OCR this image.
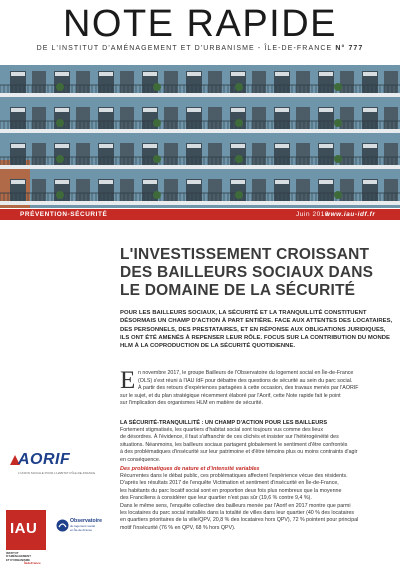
NOTE RAPIDE
DE L'INSTITUT D'AMÉNAGEMENT ET D'URBANISME - ÎLE-DE-FRANCE N° 777
PRÉVENTION-SÉCURITÉ	Juin 2018
www.iau-idf.fr
L'INVESTISSEMENT CROISSANT
DES BAILLEURS SOCIAUX DANS
LE DOMAINE DE LA SÉCURITÉ

POUR LES BAILLEURS SOCIAUX, LA SÉCURITÉ ET LA TRANQUILLITÉ CONSTITUENT
DÉSORMAIS UN CHAMP D'ACTION À PART ENTIÈRE. FACE AUX ATTENTES DES LOCATAIRES,
DES PERSONNELS, DES PRESTATAIRES, ET EN RÉPONSE AUX OBLIGATIONS JURIDIQUES,
ILS ONT ÉTÉ AMENÉS À REPENSER LEUR RÔLE. FOCUS SUR LA CONTRIBUTION DU MONDE
HLM À LA COPRODUCTION DE LA SÉCURITÉ QUOTIDIENNE.

E n novembre 2017, le groupe Bailleurs de l'Observatoire du logement social en Île-de-France
(OLS) s'est réuni à l'IAU îdF pour débattre des questions de sécurité au sein du parc social.
À partir des retours d'expériences partagées à cette occasion, des travaux menés par l'AORIF
sur le sujet, et du plan stratégique récemment élaboré par l'Aorif, cette Note rapide fait le point
sur l'implication des organismes HLM en matière de sécurité.

LA SÉCURITÉ-TRANQUILLITÉ : UN CHAMP D'ACTION POUR LES BAILLEURS

Fortement stigmatisés, les quartiers d'habitat social sont toujours vus comme des lieux
de désordres. À l'évidence, il faut s'affranchir de ces clichés et insister sur l'hétérogénéité des
situations. Néanmoins, les bailleurs sociaux partagent globalement le sentiment d'être confrontés
à des problématiques d'insécurité sur leur patrimoine et d'être témoins plus ou moins contraints d'agir
en conséquence.

Des problématiques de nature et d'intensité variables

Récurrentes dans le débat public, ces problématiques affectent l'expérience vécue des résidents.
D'après les résultats 2017 de l'enquête Victimation et sentiment d'insécurité en Île-de-France,
les habitants du parc locatif social sont en proportion deux fois plus nombreux que la moyenne
des Franciliens à considérer que leur quartier n'est pas sûr (19,6 % contre 9,4 %).
Dans le même sens, l'enquête collective des bailleurs menée par l'Aorif en 2017 montre que parmi
les locataires du parc social installés dans la totalité de villes dans leur quartier (40 % des locataires
en quartiers prioritaires de la ville/QPV, 20,8 % des locataires hors QPV), 72 % pointent pour principal
motif l'insécurité (76 % en QPV, 68 % hors QPV).

AORIF
L'UNION SOCIALE POUR L'HABITAT D'ÎLE-DE-FRANCE
IAU
INSTITUT
D'AMÉNAGEMENT
ET D'URBANISME
ÎledeFrance
Observatoire
du logement social
en Île-de-France
